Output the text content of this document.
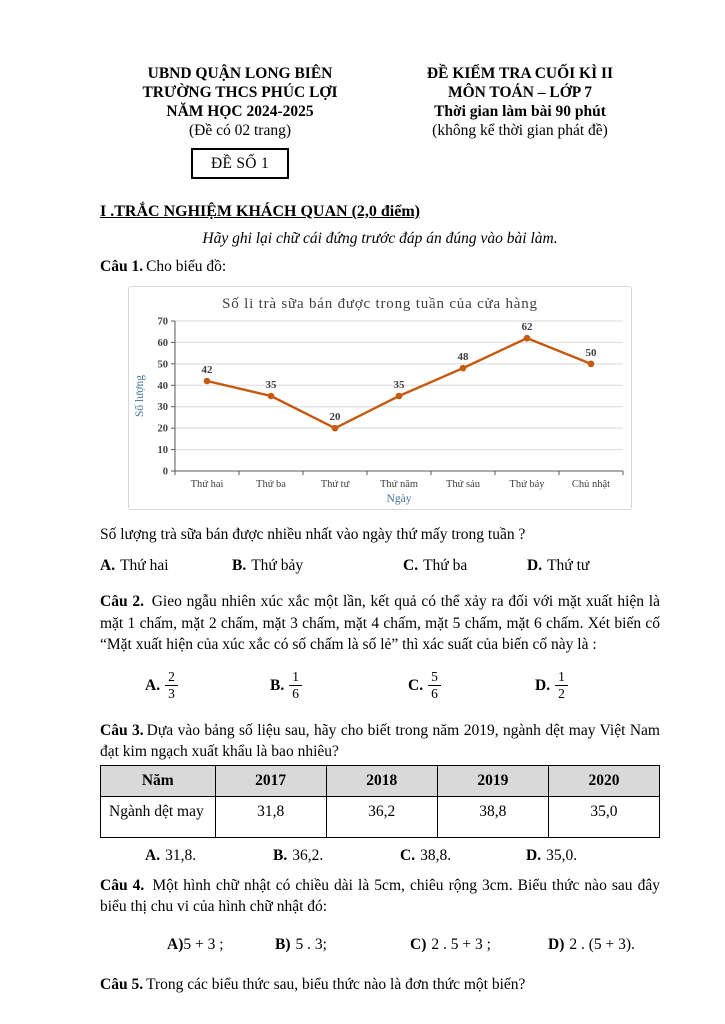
UBND QUẬN LONG BIÊN
TRƯỜNG THCS PHÚC LỢI
NĂM HỌC 2024-2025
(Đề có 02 trang)
ĐỀ SỐ 1
ĐỀ KIỂM TRA CUỐI KÌ II
MÔN TOÁN – LỚP 7
Thời gian làm bài 90 phút
(không kể thời gian phát đề)
I .TRẮC NGHIỆM KHÁCH QUAN (2,0 điểm)
Hãy ghi lại chữ cái đứng trước đáp án đúng vào bài làm.

Câu 1. Cho biểu đồ:

Số li trà sữa bán được trong tuần của cửa hàng
0
10
20
30
40
50
60
70
Thứ hai	Thứ ba	Thứ tư	Thứ năm	Thứ sáu	Thứ bảy	Chủ nhật
Ngày
Số lượng
42
35
20
35
48
62
50

Số lượng trà sữa bán được nhiều nhất vào ngày thứ mấy trong tuần ?

A. Thứ hai	B. Thứ bảy	C. Thứ ba	D. Thứ tư

Câu 2. Gieo ngẫu nhiên xúc xắc một lần, kết quả có thể xảy ra đối với mặt xuất hiện là mặt 1 chấm, mặt 2 chấm, mặt 3 chấm, mặt 4 chấm, mặt 5 chấm, mặt 6 chấm. Xét biến cố “Mặt xuất hiện của xúc xắc có số chấm là số lẻ” thì xác suất của biến cố này là :

A. $\frac{2}{3}$	B. $\frac{1}{6}$	C. $\frac{5}{6}$	D. $\frac{1}{2}$

Câu 3. Dựa vào bảng số liệu sau, hãy cho biết trong năm 2019, ngành dệt may Việt Nam đạt kim ngạch xuất khẩu là bao nhiêu?

Năm	2017	2018	2019	2020
Ngành dệt may	31,8	36,2	38,8	35,0
A. 31,8.	B. 36,2.	C. 38,8.	D. 35,0.

Câu 4. Một hình chữ nhật có chiều dài là 5cm, chiêu rộng 3cm. Biểu thức nào sau đây biểu thị chu vi của hình chữ nhật đó:

A) 5 + 3 ;	B) 5 . 3;	C) 2 . 5 + 3 ;	D) 2 . (5 + 3).

Câu 5. Trong các biểu thức sau, biểu thức nào là đơn thức một biến?
